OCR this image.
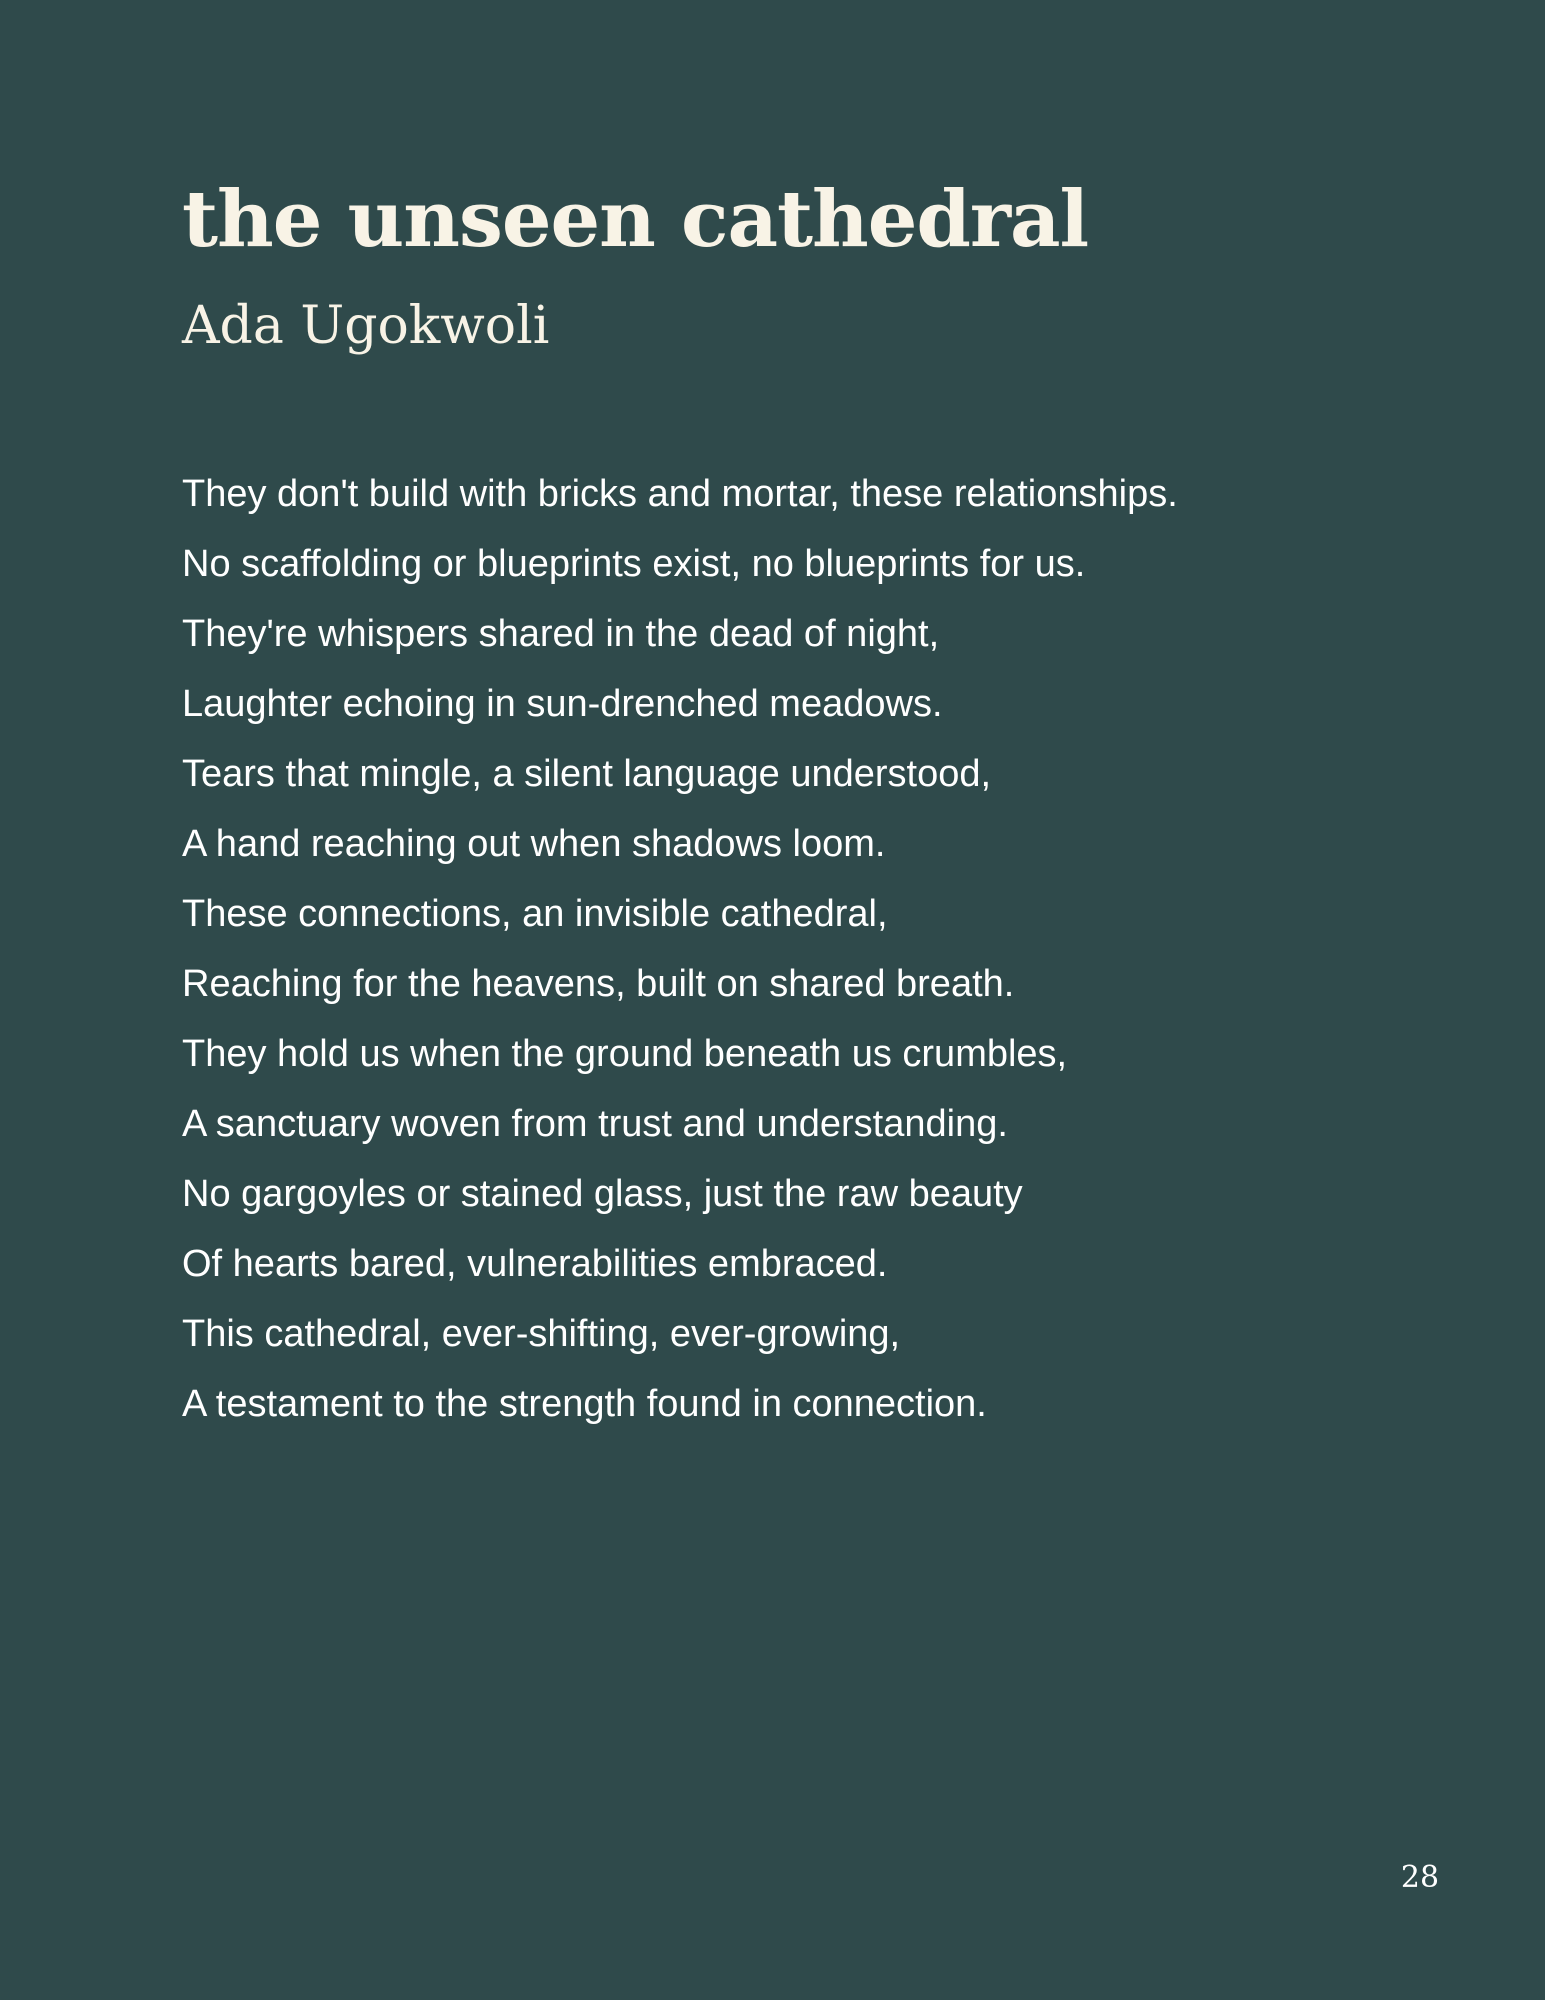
the unseen cathedral
Ada Ugokwoli
They don't build with bricks and mortar, these relationships.
No scaffolding or blueprints exist, no blueprints for us.
They're whispers shared in the dead of night,
Laughter echoing in sun-drenched meadows.
Tears that mingle, a silent language understood,
A hand reaching out when shadows loom.
These connections, an invisible cathedral,
Reaching for the heavens, built on shared breath.
They hold us when the ground beneath us crumbles,
A sanctuary woven from trust and understanding.
No gargoyles or stained glass, just the raw beauty
Of hearts bared, vulnerabilities embraced.
This cathedral, ever-shifting, ever-growing,
A testament to the strength found in connection.
28
